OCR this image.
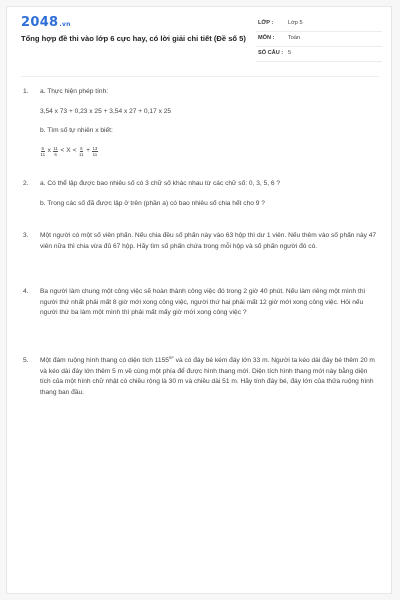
2048.vn
Tổng hợp đề thi vào lớp 6 cực hay, có lời giải chi tiết (Đề số 5)
LỚP :	Lớp 5
MÔN : Toán
SỐ CÂU : 5
1. a. Thực hiện phép tính:
3,54 x 73 + 0,23 x 25 + 3,54 x 27 + 0,17 x 25
b. Tìm số tự nhiên x biết:
$\frac{6}{11}$ x $\frac{11}{6} < X < \frac{6}{11} + \frac{13}{11}$
2. a. Có thể lập được bao nhiêu số có 3 chữ số khác nhau từ các chữ số: 0, 3, 5, 6 ?
b. Trong các số đã được lập ở trên (phần a) có bao nhiêu số chia hết cho 9 ?
3. Một người có một số viên phấn. Nếu chia đều số phấn này vào 63 hộp thì dư 1 viên. Nếu thêm vào số phấn này 47 viên nữa thì chia vừa đủ 67 hộp. Hãy tìm số phấn chứa trong mỗi hộp và số phấn người đó có.
4. Ba người làm chung một công việc sẽ hoàn thành công việc đó trong 2 giờ 40 phút. Nếu làm riêng một mình thì người thứ nhất phải mất 8 giờ mới xong công việc, người thứ hai phải mất 12 giờ mới xong công việc. Hỏi nếu người thứ ba làm một mình thì phải mất mấy giờ mới xong công việc ?
5. Một đám ruộng hình thang có diện tích $1155^{m^2}$ và có đáy bé kém đáy lớn 33 m. Người ta kéo dài đáy bé thêm 20 m và kéo dài đáy lớn thêm 5 m về cùng một phía để được hình thang mới. Diện tích hình thang mới này bằng diện tích của một hình chữ nhật có chiều rộng là 30 m và chiều dài 51 m. Hãy tính đáy bé, đáy lớn của thửa ruộng hình thang ban đầu.
